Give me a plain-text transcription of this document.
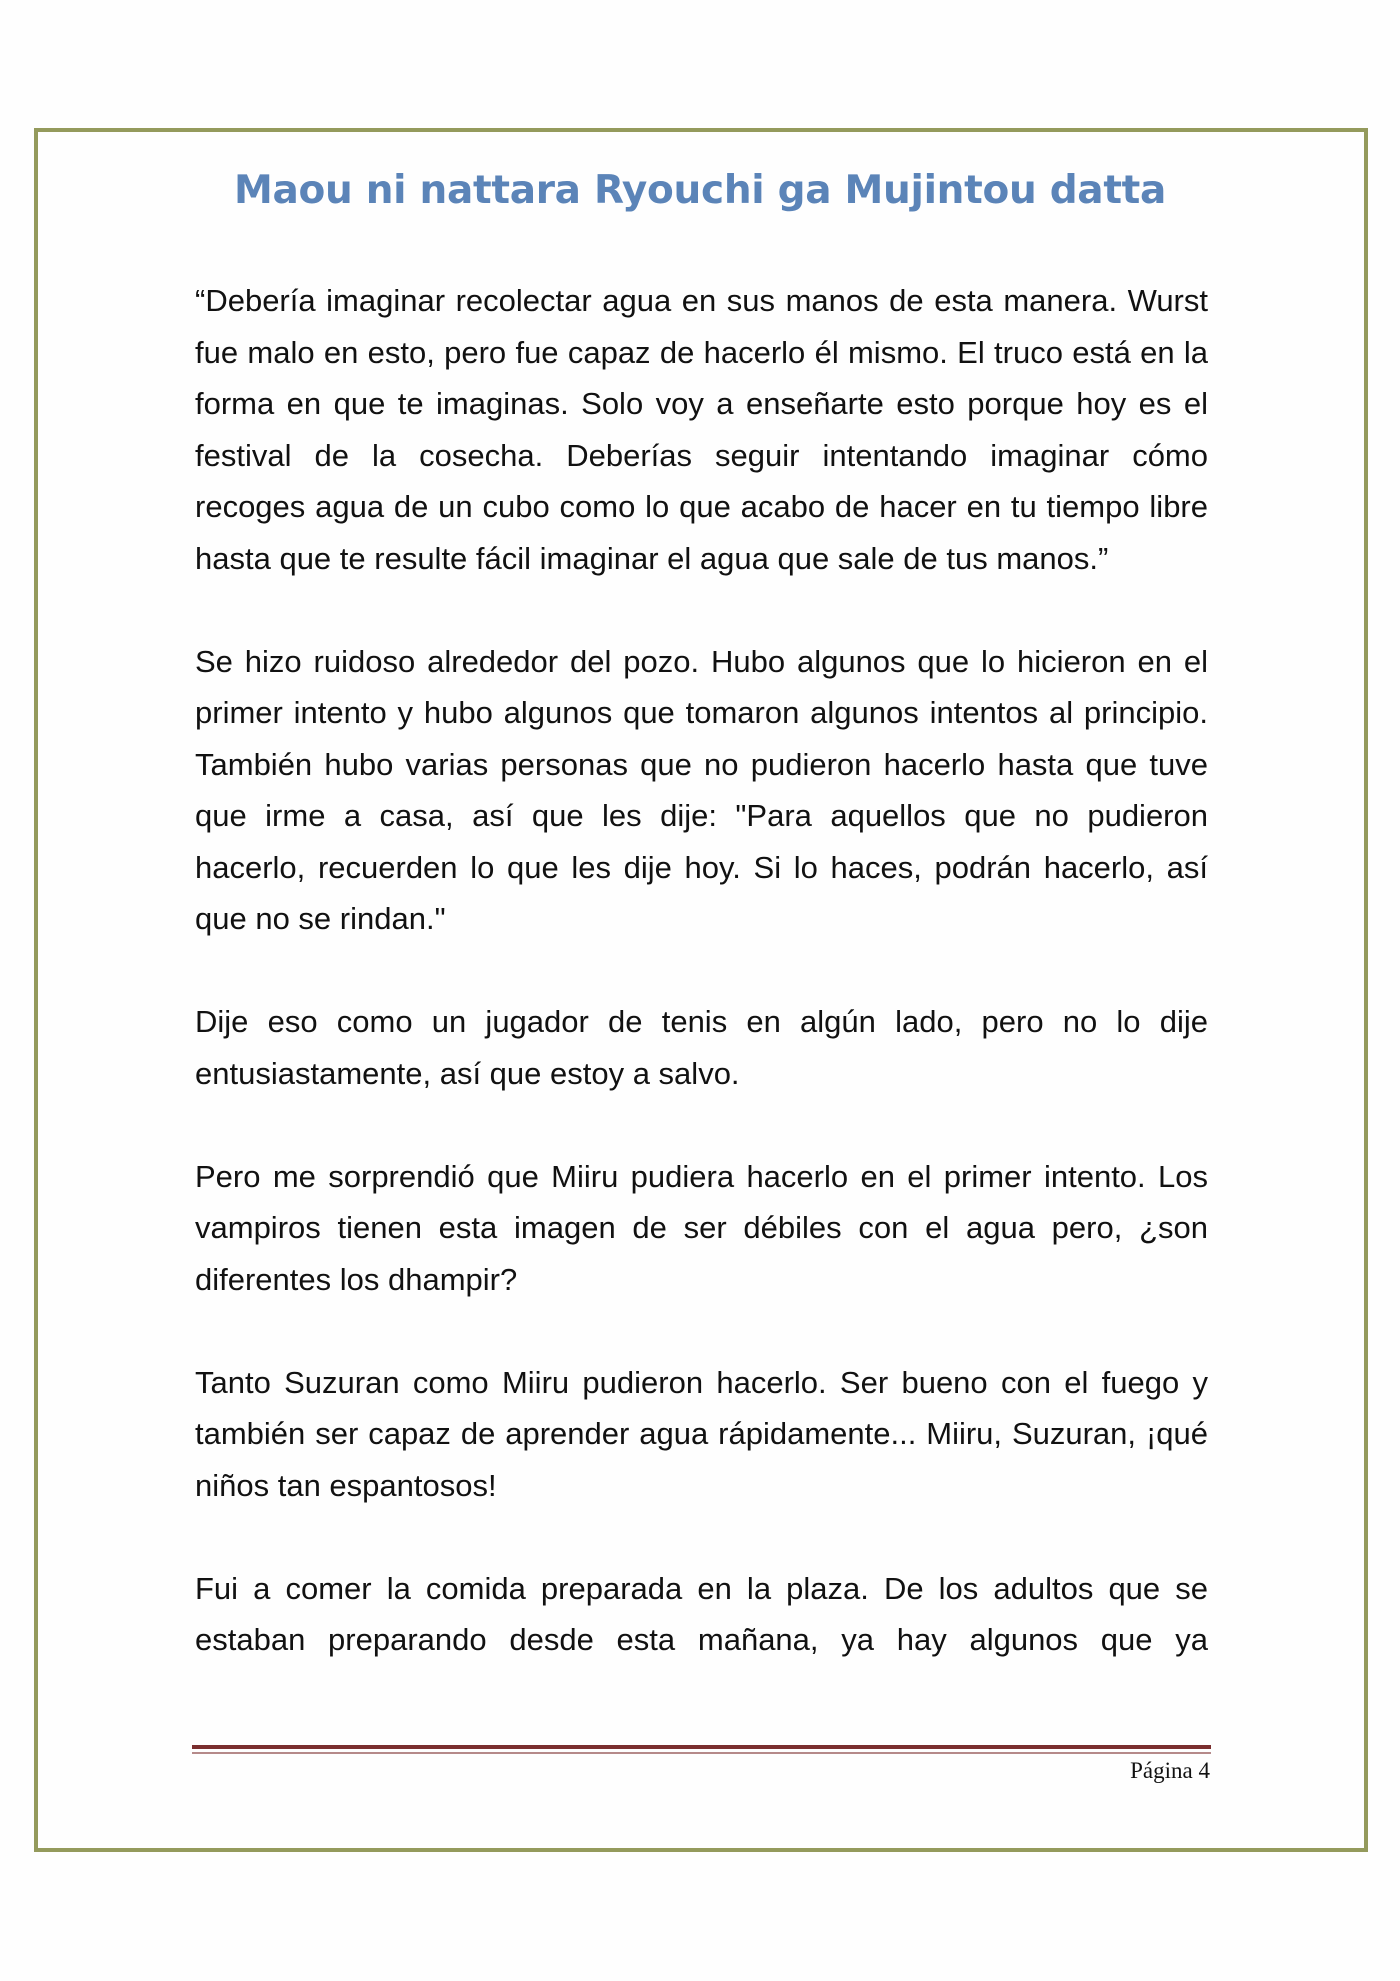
Maou ni nattara Ryouchi ga Mujintou datta

“Debería imaginar recolectar agua en sus manos de esta manera. Wurst fue malo en esto, pero fue capaz de hacerlo él mismo. El truco está en la forma en que te imaginas. Solo voy a enseñarte esto porque hoy es el festival de la cosecha. Deberías seguir intentando imaginar cómo recoges agua de un cubo como lo que acabo de hacer en tu tiempo libre hasta que te resulte fácil imaginar el agua que sale de tus manos.”

Se hizo ruidoso alrededor del pozo. Hubo algunos que lo hicieron en el primer intento y hubo algunos que tomaron algunos intentos al principio. También hubo varias personas que no pudieron hacerlo hasta que tuve que irme a casa, así que les dije: "Para aquellos que no pudieron hacerlo, recuerden lo que les dije hoy. Si lo haces, podrán hacerlo, así que no se rindan."

Dije eso como un jugador de tenis en algún lado, pero no lo dije entusiastamente, así que estoy a salvo.

Pero me sorprendió que Miiru pudiera hacerlo en el primer intento. Los vampiros tienen esta imagen de ser débiles con el agua pero, ¿son diferentes los dhampir?

Tanto Suzuran como Miiru pudieron hacerlo. Ser bueno con el fuego y también ser capaz de aprender agua rápidamente... Miiru, Suzuran, ¡qué niños tan espantosos!

Fui a comer la comida preparada en la plaza. De los adultos que se estaban preparando desde esta mañana, ya hay algunos que ya

Página 4
